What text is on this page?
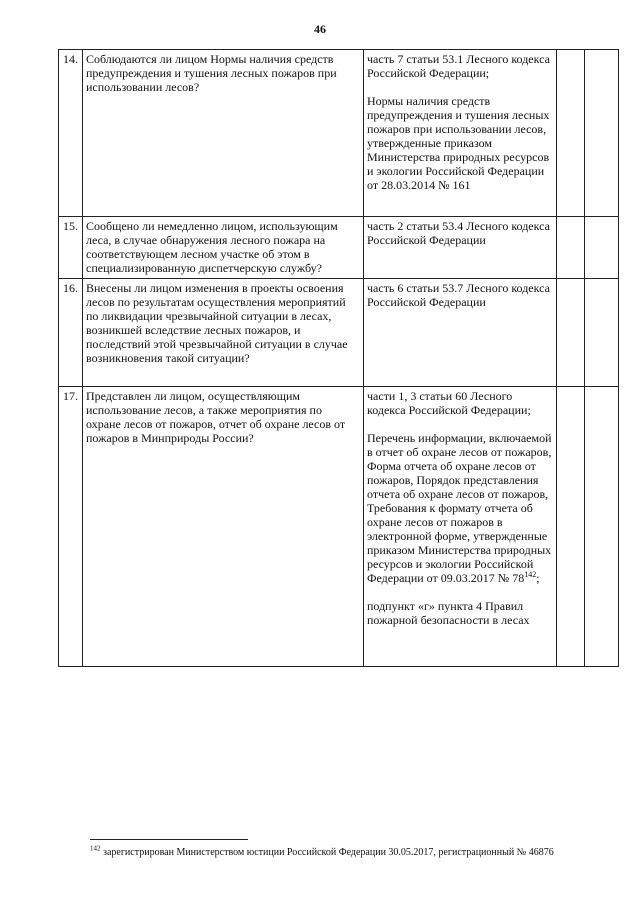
46
14.	Соблюдаются ли лицом Нормы наличия средств предупреждения и тушения лесных пожаров при использовании лесов?	часть 7 статьи 53.1 Лесного кодекса Российской Федерации;
Нормы наличия средств предупреждения и тушения лесных пожаров при использовании лесов, утвержденные приказом Министерства природных ресурсов и экологии Российской Федерации от 28.03.2014 № 161		

15.	Сообщено ли немедленно лицом, использующим леса, в случае обнаружения лесного пожара на соответствующем лесном участке об этом в специализированную диспетчерскую службу?	часть 2 статьи 53.4 Лесного кодекса Российской Федерации		

16.	Внесены ли лицом изменения в проекты освоения лесов по результатам осуществления мероприятий по ликвидации чрезвычайной ситуации в лесах, возникшей вследствие лесных пожаров, и последствий этой чрезвычайной ситуации в случае возникновения такой ситуации?	часть 6 статьи 53.7 Лесного кодекса Российской Федерации		

17.	Представлен ли лицом, осуществляющим использование лесов, а также мероприятия по охране лесов от пожаров, отчет об охране лесов от пожаров в Минприроды России?	части 1, 3 статьи 60 Лесного кодекса Российской Федерации;
Перечень информации, включаемой в отчет об охране лесов от пожаров, Форма отчета об охране лесов от пожаров, Порядок представления отчета об охране лесов от пожаров, Требования к формату отчета об охране лесов от пожаров в электронной форме, утвержденные приказом Министерства природных ресурсов и экологии Российской Федерации от 09.03.2017 № $78^{142}$;
подпункт «г» пункта 4 Правил пожарной безопасности в лесах		

$^{142}$ зарегистрирован Министерством юстиции Российской Федерации 30.05.2017, регистрационный № 46876
